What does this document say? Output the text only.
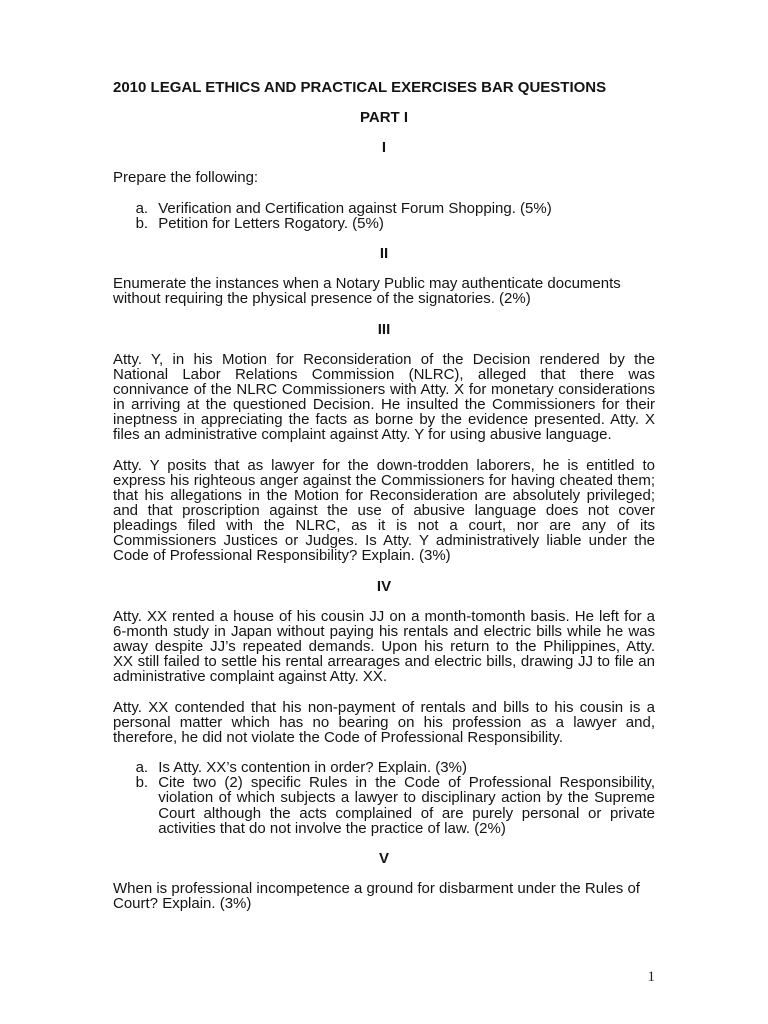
2010 LEGAL ETHICS AND PRACTICAL EXERCISES BAR QUESTIONS
PART I
I
Prepare the following:
a. Verification and Certification against Forum Shopping. (5%)
b. Petition for Letters Rogatory. (5%)
II
Enumerate the instances when a Notary Public may authenticate documents
without requiring the physical presence of the signatories. (2%)
III
Atty. Y, in his Motion for Reconsideration of the Decision rendered by the
National Labor Relations Commission (NLRC), alleged that there was
connivance of the NLRC Commissioners with Atty. X for monetary considerations
in arriving at the questioned Decision. He insulted the Commissioners for their
ineptness in appreciating the facts as borne by the evidence presented. Atty. X
files an administrative complaint against Atty. Y for using abusive language.
Atty. Y posits that as lawyer for the down-trodden laborers, he is entitled to
express his righteous anger against the Commissioners for having cheated them;
that his allegations in the Motion for Reconsideration are absolutely privileged;
and that proscription against the use of abusive language does not cover
pleadings filed with the NLRC, as it is not a court, nor are any of its
Commissioners Justices or Judges. Is Atty. Y administratively liable under the
Code of Professional Responsibility? Explain. (3%)
IV
Atty. XX rented a house of his cousin JJ on a month-tomonth basis. He left for a
6-month study in Japan without paying his rentals and electric bills while he was
away despite JJ’s repeated demands. Upon his return to the Philippines, Atty.
XX still failed to settle his rental arrearages and electric bills, drawing JJ to file an
administrative complaint against Atty. XX.
Atty. XX contended that his non-payment of rentals and bills to his cousin is a
personal matter which has no bearing on his profession as a lawyer and,
therefore, he did not violate the Code of Professional Responsibility.
a. Is Atty. XX’s contention in order? Explain. (3%)
b. Cite two (2) specific Rules in the Code of Professional Responsibility,
violation of which subjects a lawyer to disciplinary action by the Supreme
Court although the acts complained of are purely personal or private
activities that do not involve the practice of law. (2%)
V
When is professional incompetence a ground for disbarment under the Rules of
Court? Explain. (3%)
1
